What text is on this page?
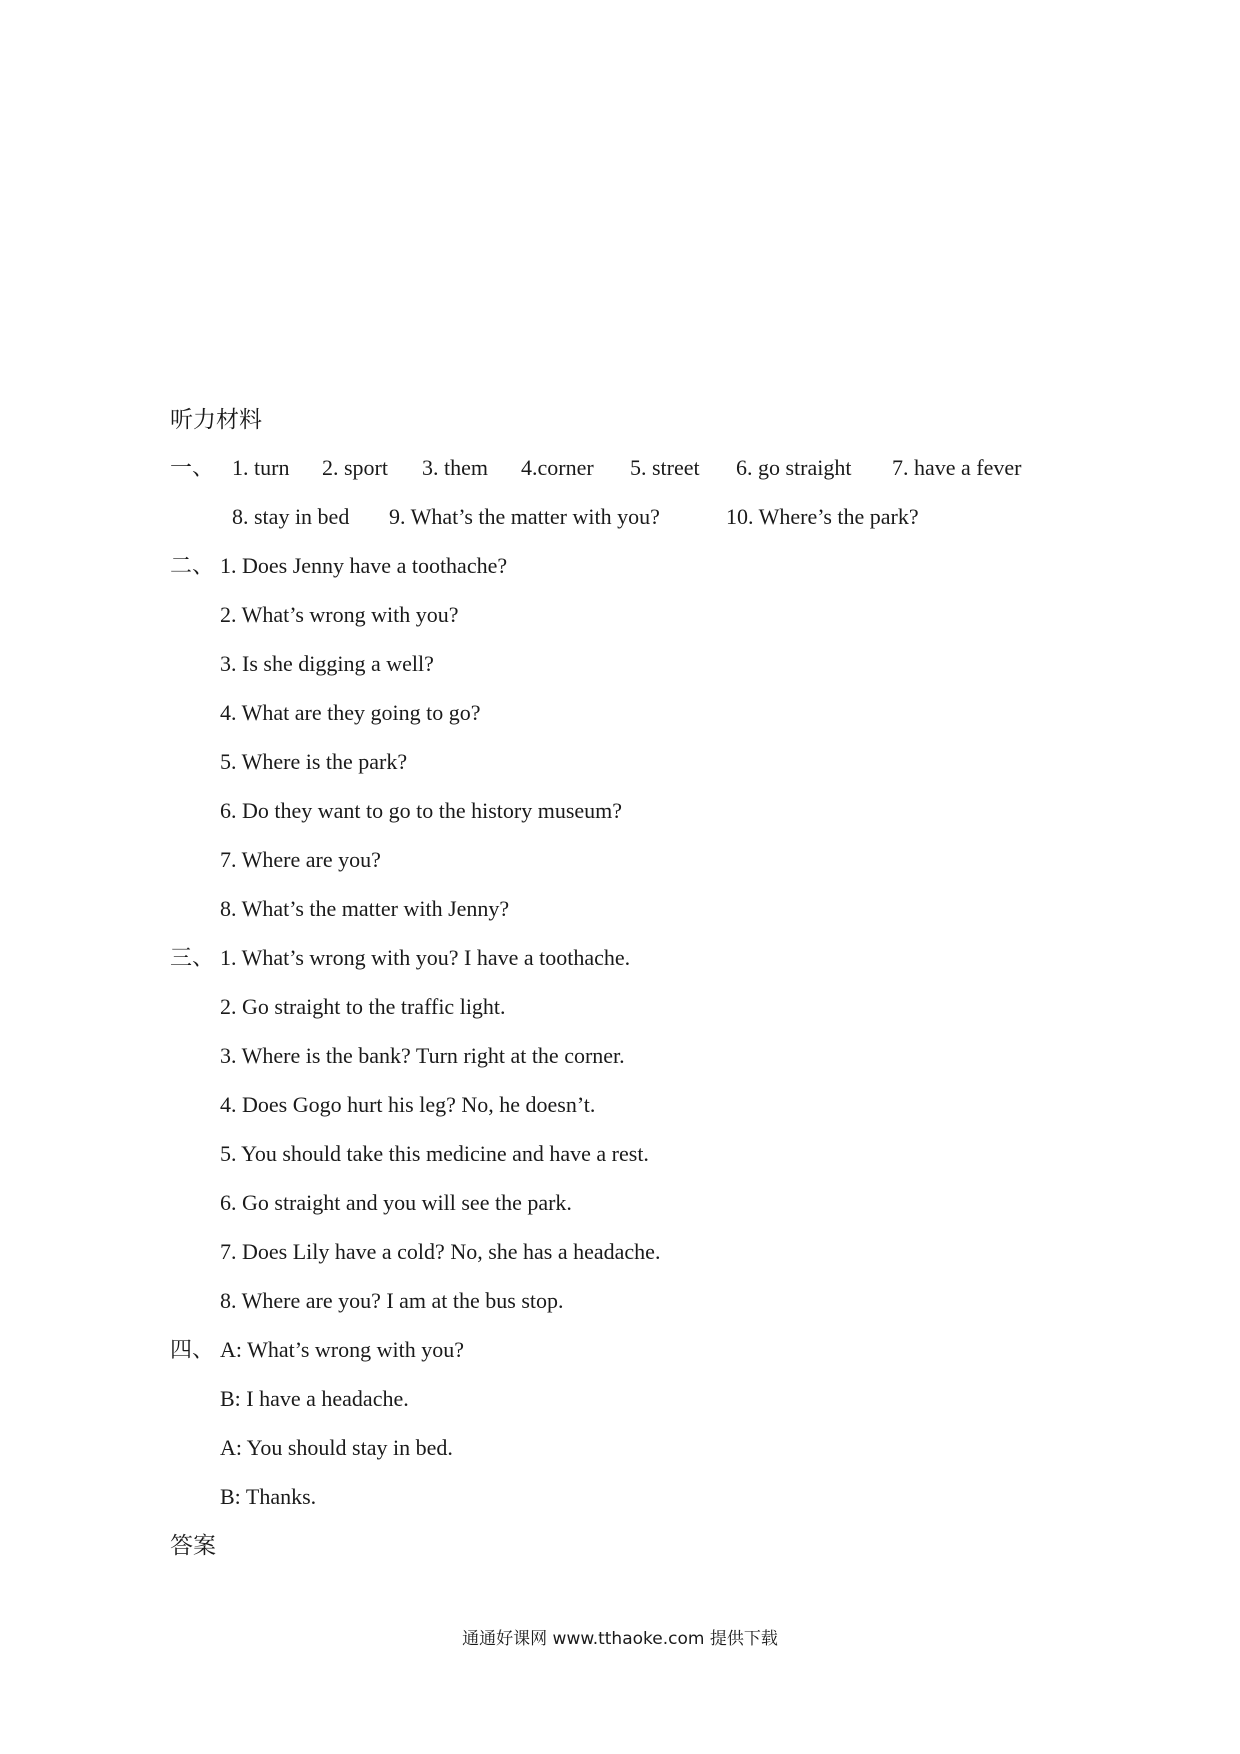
听力材料
一、 1. turn 2. sport 3. them 4.corner 5. street 6. go straight 7. have a fever
8. stay in bed 9. What’s the matter with you?	10. Where’s the park?
二、 1. Does Jenny have a toothache?
2. What’s wrong with you?
3. Is she digging a well?
4. What are they going to go?
5. Where is the park?
6. Do they want to go to the history museum?
7. Where are you?
8. What’s the matter with Jenny?
三、 1. What’s wrong with you? I have a toothache.
2. Go straight to the traffic light.
3. Where is the bank? Turn right at the corner.
4. Does Gogo hurt his leg? No, he doesn’t.
5. You should take this medicine and have a rest.
6. Go straight and you will see the park.
7. Does Lily have a cold? No, she has a headache.
8. Where are you? I am at the bus stop.
四、 A: What’s wrong with you?
B: I have a headache.
A: You should stay in bed.
B: Thanks.
答案
通通好课网 www.tthaoke.com 提供下载
